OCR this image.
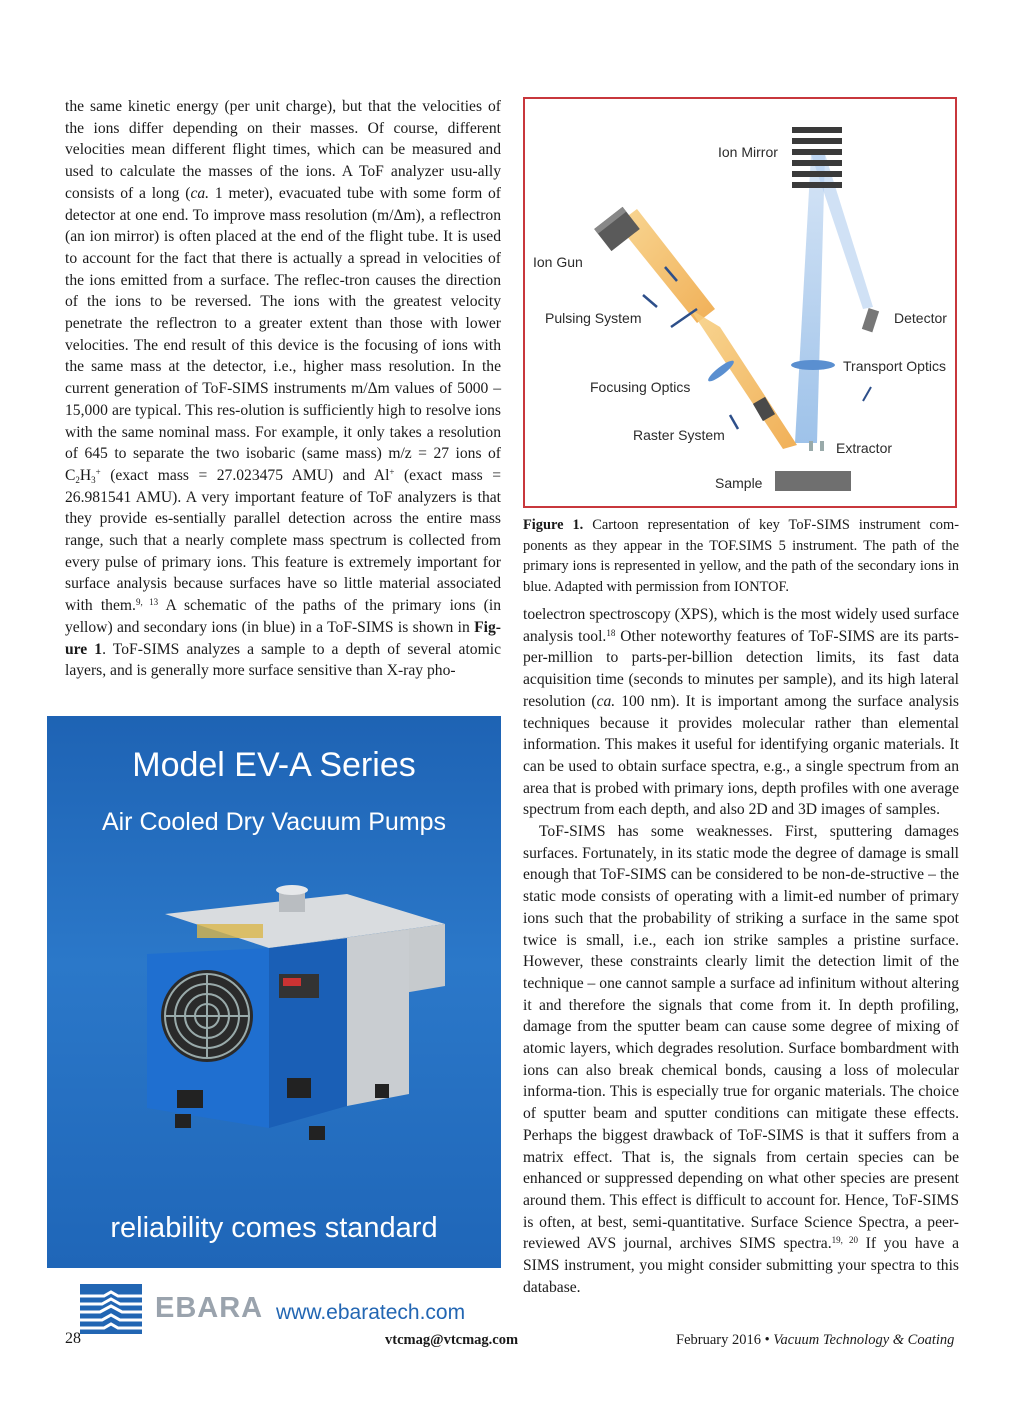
the same kinetic energy (per unit charge), but that the velocities of the ions differ depending on their masses. Of course, different velocities mean different flight times, which can be measured and used to calculate the masses of the ions. A ToF analyzer usu-ally consists of a long (ca. 1 meter), evacuated tube with some form of detector at one end. To improve mass resolution (m/Δm), a reflectron (an ion mirror) is often placed at the end of the flight tube. It is used to account for the fact that there is actually a spread in velocities of the ions emitted from a surface. The reflec-tron causes the direction of the ions to be reversed. The ions with the greatest velocity penetrate the reflectron to a greater extent than those with lower velocities. The end result of this device is the focusing of ions with the same mass at the detector, i.e., higher mass resolution. In the current generation of ToF-SIMS instruments m/Δm values of 5000 – 15,000 are typical. This res-olution is sufficiently high to resolve ions with the same nominal mass. For example, it only takes a resolution of 645 to separate the two isobaric (same mass) m/z = 27 ions of $C_2H_3^+$ (exact mass = 27.023475 AMU) and Al+ (exact mass = 26.981541 AMU). A very important feature of ToF analyzers is that they provide es-sentially parallel detection across the entire mass range, such that a nearly complete mass spectrum is collected from every pulse of primary ions. This feature is extremely important for surface analysis because surfaces have so little material associated with them.$^{9, 13}$ A schematic of the paths of the primary ions (in yellow) and secondary ions (in blue) in a ToF-SIMS is shown in Fig-ure 1. ToF-SIMS analyzes a sample to a depth of several atomic layers, and is generally more surface sensitive than X-ray pho-

Ion Mirror
Ion Gun
Pulsing System	Detector
Transport Optics
Focusing Optics
Raster System
Extractor
Sample
Figure 1. Cartoon representation of key ToF-SIMS instrument com-ponents as they appear in the TOF.SIMS 5 instrument. The path of the primary ions is represented in yellow, and the path of the secondary ions in blue. Adapted with permission from IONTOF.

toelectron spectroscopy (XPS), which is the most widely used surface analysis tool.$^{18}$ Other noteworthy features of ToF-SIMS are its parts-per-million to parts-per-billion detection limits, its fast data acquisition time (seconds to minutes per sample), and its high lateral resolution (ca. 100 nm). It is important among the surface analysis techniques because it provides molecular rather than elemental information. This makes it useful for identifying organic materials. It can be used to obtain surface spectra, e.g., a single spectrum from an area that is probed with primary ions, depth profiles with one average spectrum from each depth, and also 2D and 3D images of samples.

ToF-SIMS has some weaknesses. First, sputtering damages surfaces. Fortunately, in its static mode the degree of damage is small enough that ToF-SIMS can be considered to be non-de-structive – the static mode consists of operating with a limit-ed number of primary ions such that the probability of striking a surface in the same spot twice is small, i.e., each ion strike samples a pristine surface. However, these constraints clearly limit the detection limit of the technique – one cannot sample a surface ad infinitum without altering it and therefore the signals that come from it. In depth profiling, damage from the sputter beam can cause some degree of mixing of atomic layers, which degrades resolution. Surface bombardment with ions can also break chemical bonds, causing a loss of molecular informa-tion. This is especially true for organic materials. The choice of sputter beam and sputter conditions can mitigate these effects. Perhaps the biggest drawback of ToF-SIMS is that it suffers from a matrix effect. That is, the signals from certain species can be enhanced or suppressed depending on what other species are present around them. This effect is difficult to account for. Hence, ToF-SIMS is often, at best, semi-quantitative. Surface Science Spectra, a peer-reviewed AVS journal, archives SIMS spectra.$^{19, 20}$ If you have a SIMS instrument, you might consider submitting your spectra to this database.

Model EV-A Series
Air Cooled Dry Vacuum Pumps
reliability comes standard
EBARA www.ebaratech.com
28	vtcmag@vtcmag.com	February 2016 • Vacuum Technology & Coating
